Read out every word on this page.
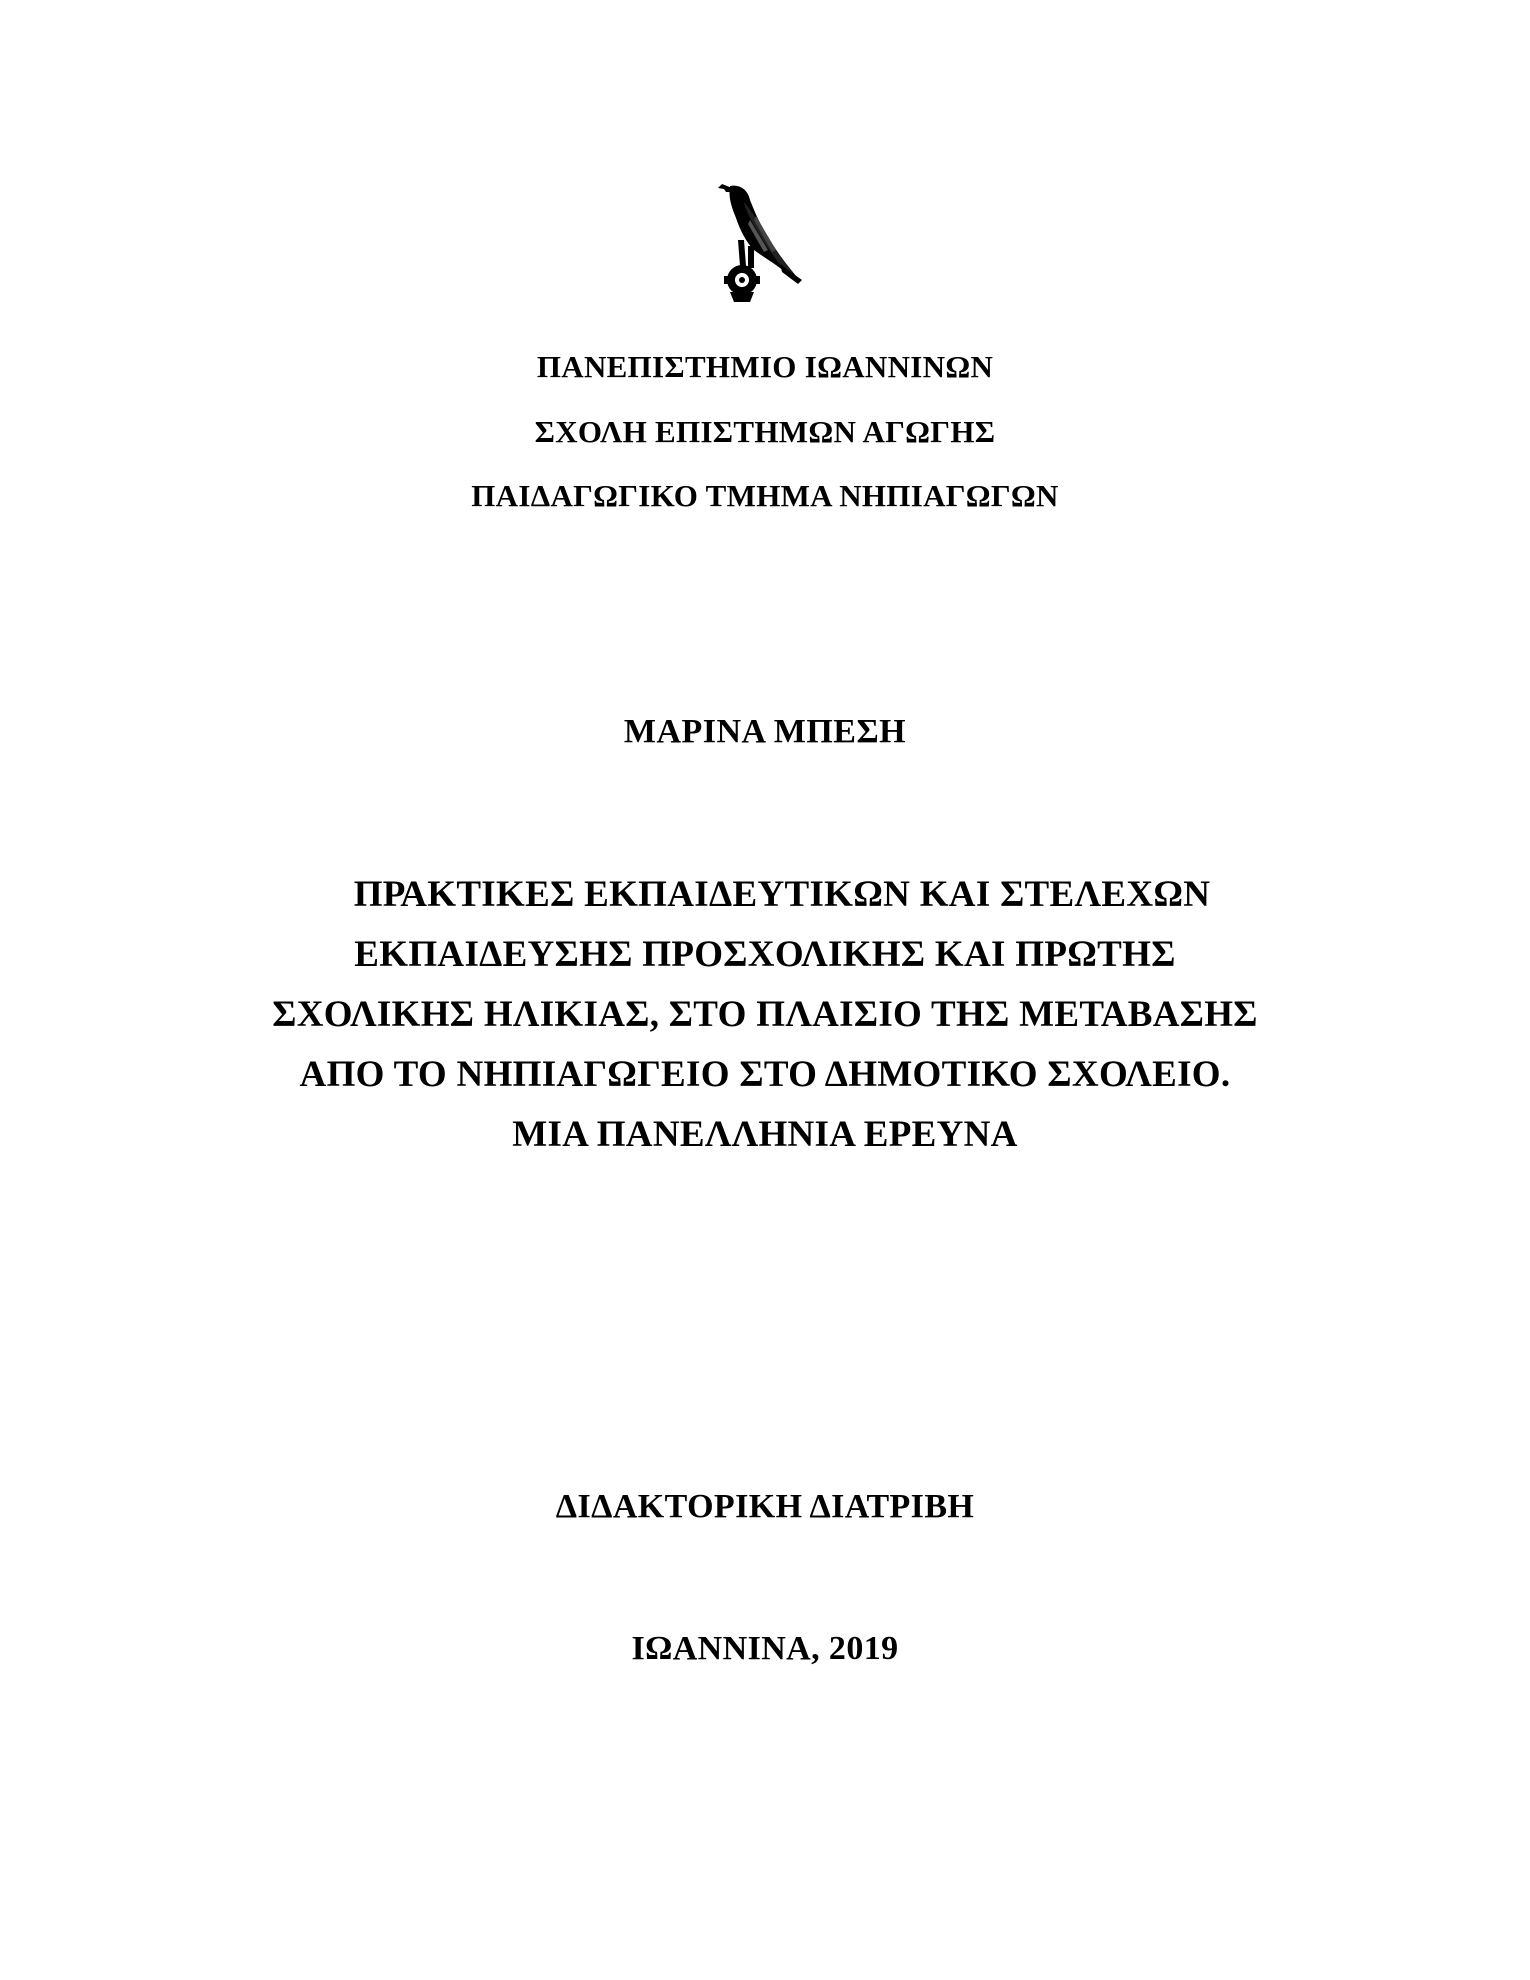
ΠΑΝΕΠΙΣΤΗΜΙΟ ΙΩΑΝΝΙΝΩΝ
ΣΧΟΛΗ ΕΠΙΣΤΗΜΩΝ ΑΓΩΓΗΣ
ΠΑΙΔΑΓΩΓΙΚΟ ΤΜΗΜΑ ΝΗΠΙΑΓΩΓΩΝ
ΜΑΡΙΝΑ ΜΠΕΣΗ
ΠΡΑΚΤΙΚΕΣ ΕΚΠΑΙΔΕΥΤΙΚΩΝ ΚΑΙ ΣΤΕΛΕΧΩΝ
ΕΚΠΑΙΔΕΥΣΗΣ ΠΡΟΣΧΟΛΙΚΗΣ ΚΑΙ ΠΡΩΤΗΣ
ΣΧΟΛΙΚΗΣ ΗΛΙΚΙΑΣ, ΣΤΟ ΠΛΑΙΣΙΟ ΤΗΣ ΜΕΤΑΒΑΣΗΣ
ΑΠΟ ΤΟ ΝΗΠΙΑΓΩΓΕΙΟ ΣΤΟ ΔΗΜΟΤΙΚΟ ΣΧΟΛΕΙΟ.
ΜΙΑ ΠΑΝΕΛΛΗΝΙΑ ΕΡΕΥΝΑ
ΔΙΔΑΚΤΟΡΙΚΗ ΔΙΑΤΡΙΒΗ
ΙΩΑΝΝΙΝΑ, 2019
